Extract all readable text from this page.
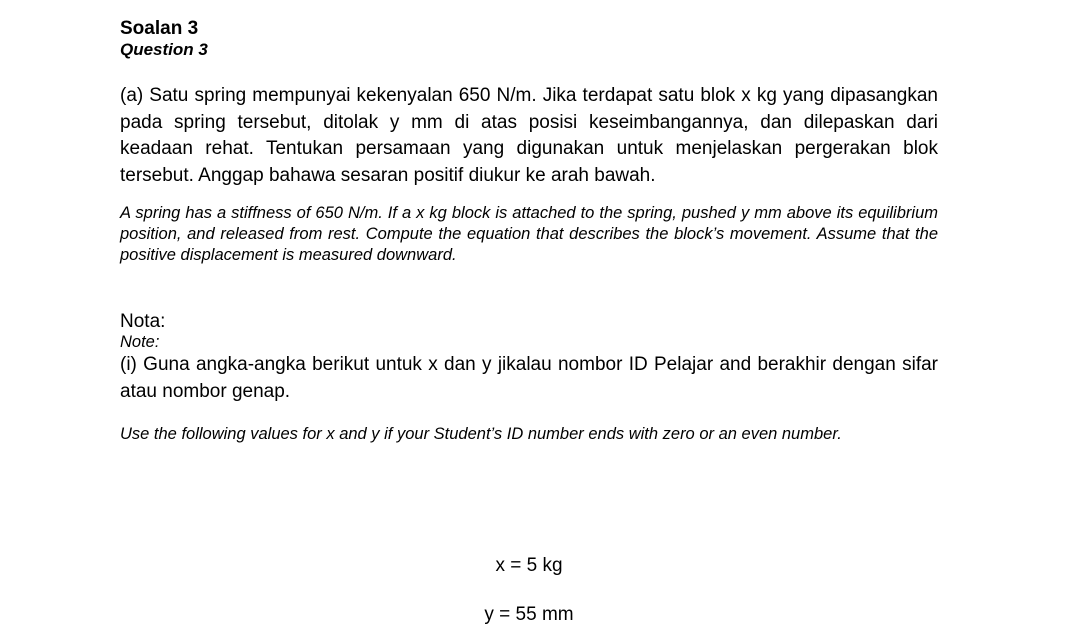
Soalan 3

Question 3

(a) Satu spring mempunyai kekenyalan 650 N/m. Jika terdapat satu blok x kg yang dipasangkan pada spring tersebut, ditolak y mm di atas posisi keseimbangannya, dan dilepaskan dari keadaan rehat. Tentukan persamaan yang digunakan untuk menjelaskan pergerakan blok tersebut. Anggap bahawa sesaran positif diukur ke arah bawah.

A spring has a stiffness of 650 N/m. If a x kg block is attached to the spring, pushed y mm above its equilibrium position, and released from rest. Compute the equation that describes the block’s movement. Assume that the positive displacement is measured downward.

Nota:

Note:

(i) Guna angka-angka berikut untuk x dan y jikalau nombor ID Pelajar and berakhir dengan sifar atau nombor genap.

Use the following values for x and y if your Student’s ID number ends with zero or an even number.

x = 5 kg

y = 55 mm
